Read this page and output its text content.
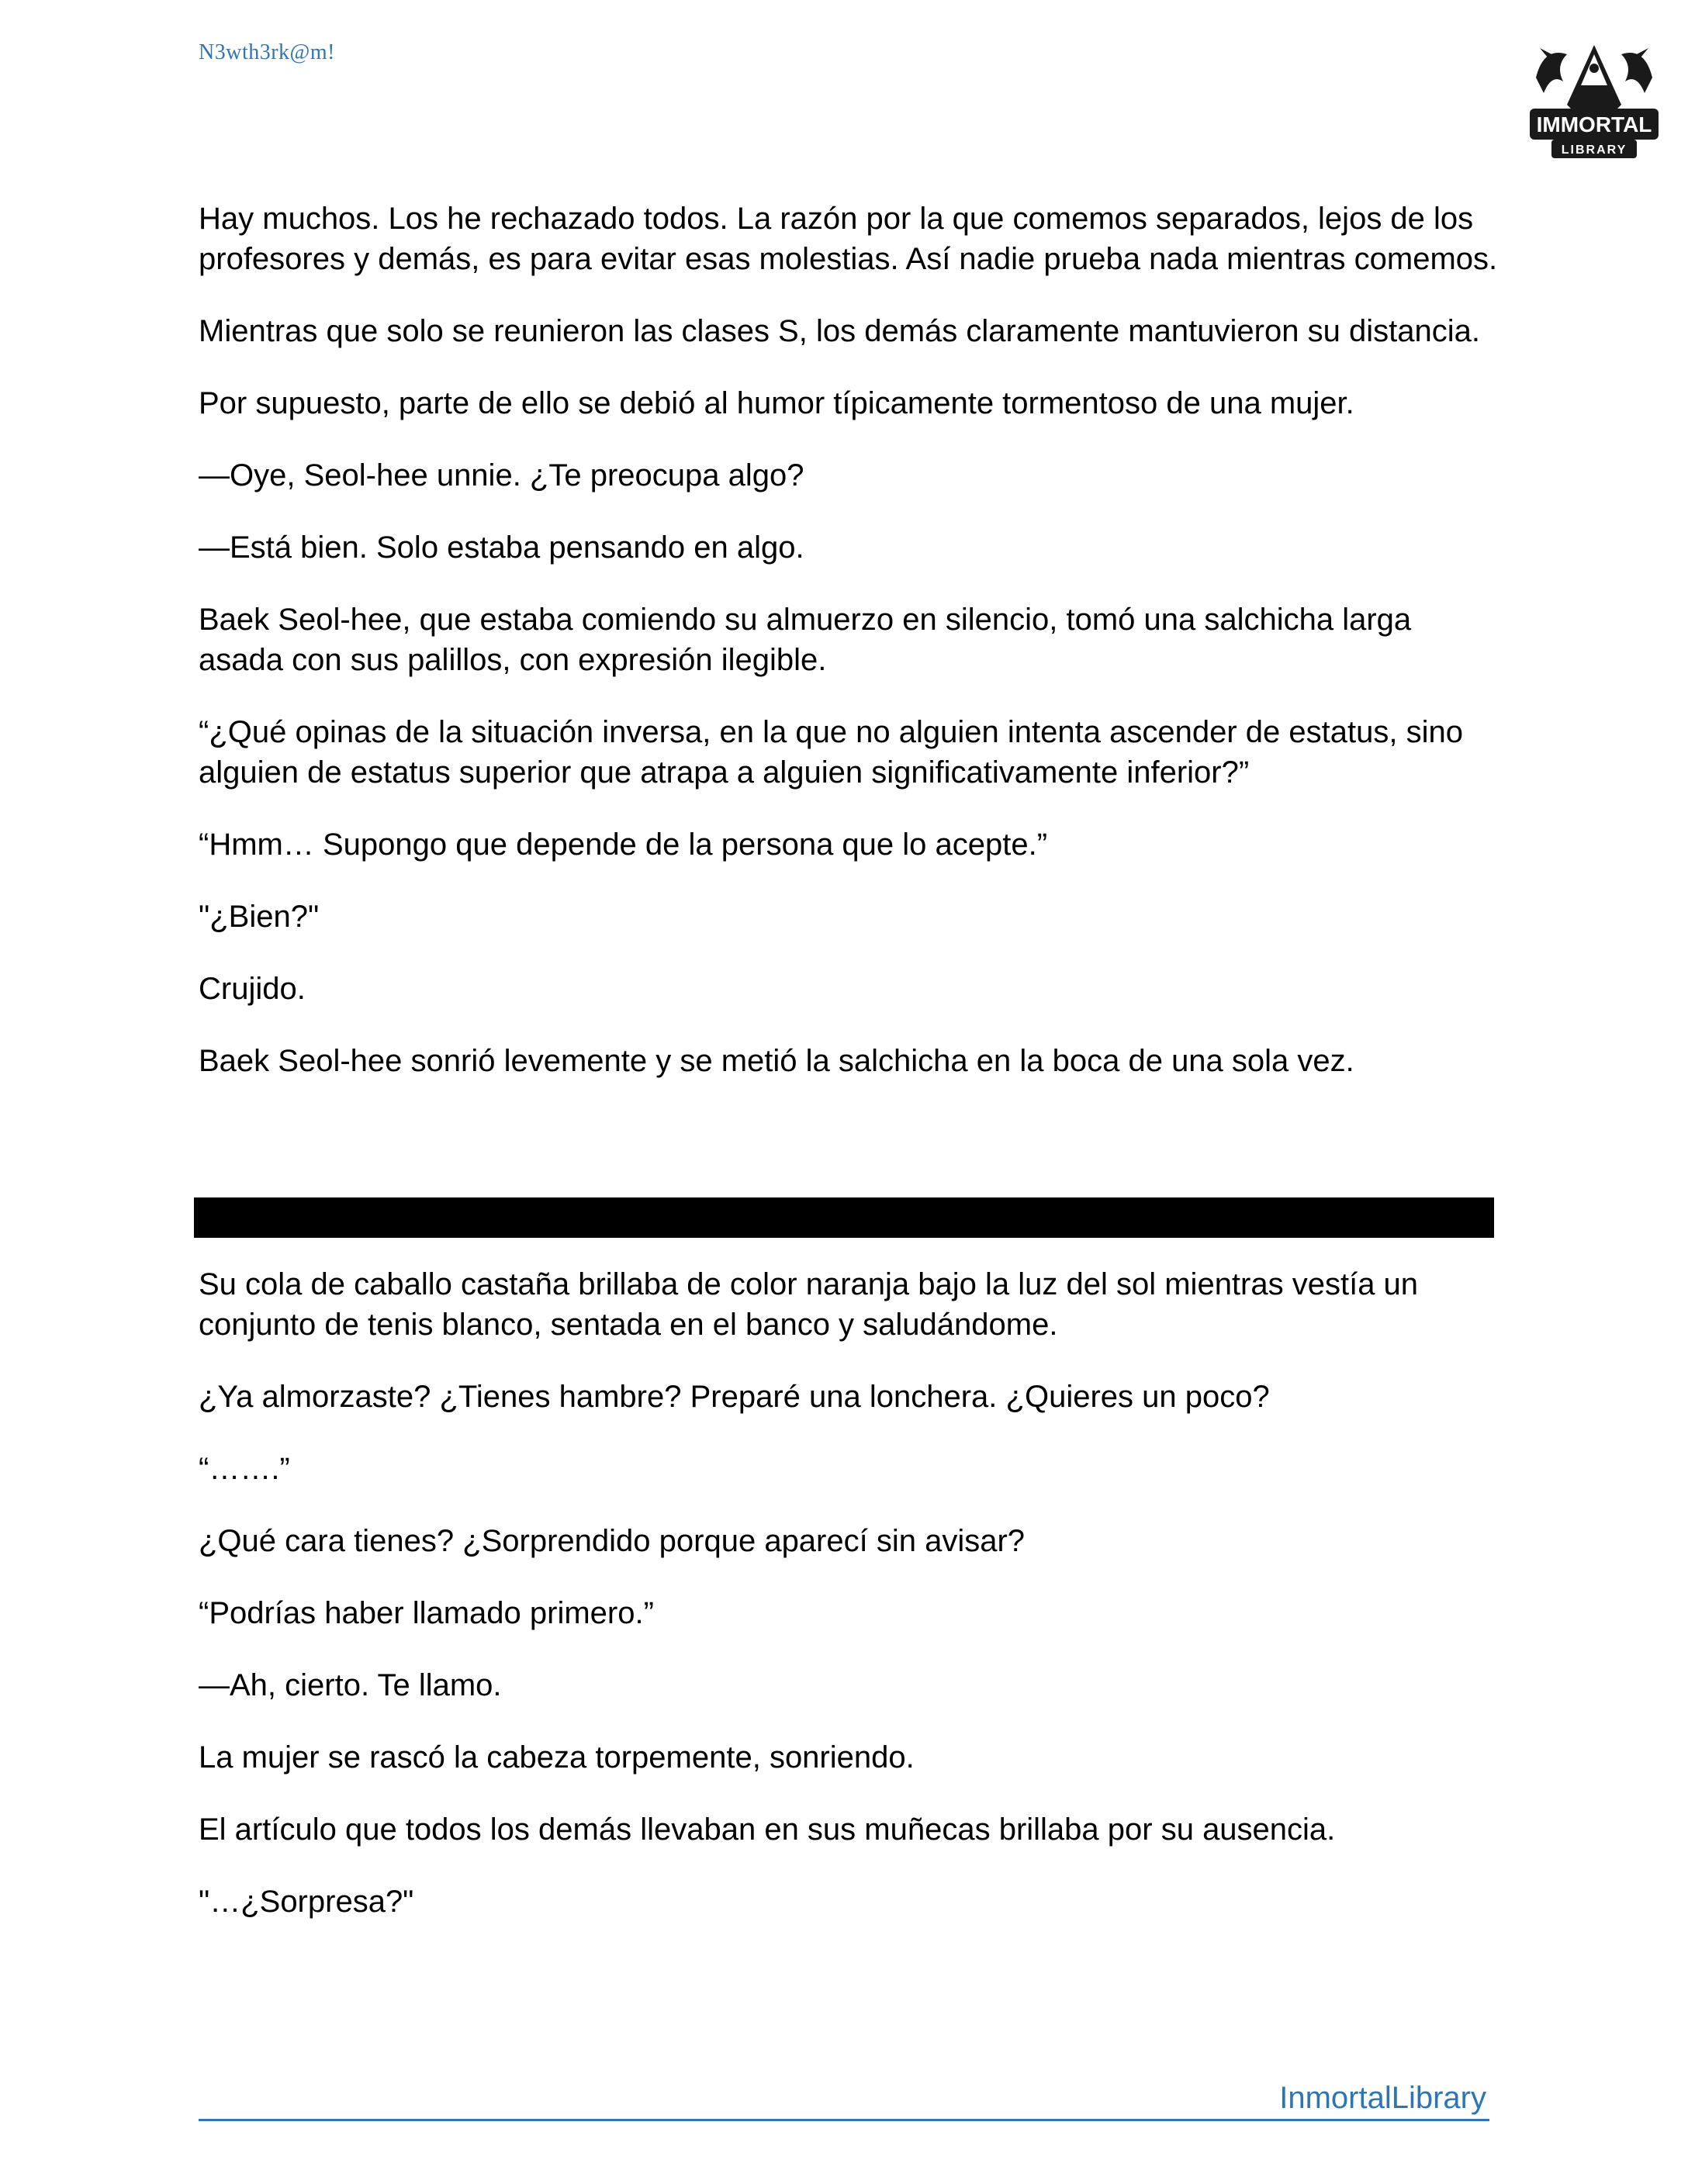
N3wth3rk@m!
IMMORTAL
LIBRARY

Hay muchos. Los he rechazado todos. La razón por la que comemos separados, lejos de los profesores y demás, es para evitar esas molestias. Así nadie prueba nada mientras comemos.

Mientras que solo se reunieron las clases S, los demás claramente mantuvieron su distancia.

Por supuesto, parte de ello se debió al humor típicamente tormentoso de una mujer.

—Oye, Seol-hee unnie. ¿Te preocupa algo?

—Está bien. Solo estaba pensando en algo.

Baek Seol-hee, que estaba comiendo su almuerzo en silencio, tomó una salchicha larga asada con sus palillos, con expresión ilegible.

“¿Qué opinas de la situación inversa, en la que no alguien intenta ascender de estatus, sino alguien de estatus superior que atrapa a alguien significativamente inferior?”

“Hmm… Supongo que depende de la persona que lo acepte.”

"¿Bien?"

Crujido.

Baek Seol-hee sonrió levemente y se metió la salchicha en la boca de una sola vez.

Su cola de caballo castaña brillaba de color naranja bajo la luz del sol mientras vestía un conjunto de tenis blanco, sentada en el banco y saludándome.

¿Ya almorzaste? ¿Tienes hambre? Preparé una lonchera. ¿Quieres un poco?

“…….”

¿Qué cara tienes? ¿Sorprendido porque aparecí sin avisar?

“Podrías haber llamado primero.”

—Ah, cierto. Te llamo.

La mujer se rascó la cabeza torpemente, sonriendo.

El artículo que todos los demás llevaban en sus muñecas brillaba por su ausencia.

"…¿Sorpresa?"

InmortalLibrary
